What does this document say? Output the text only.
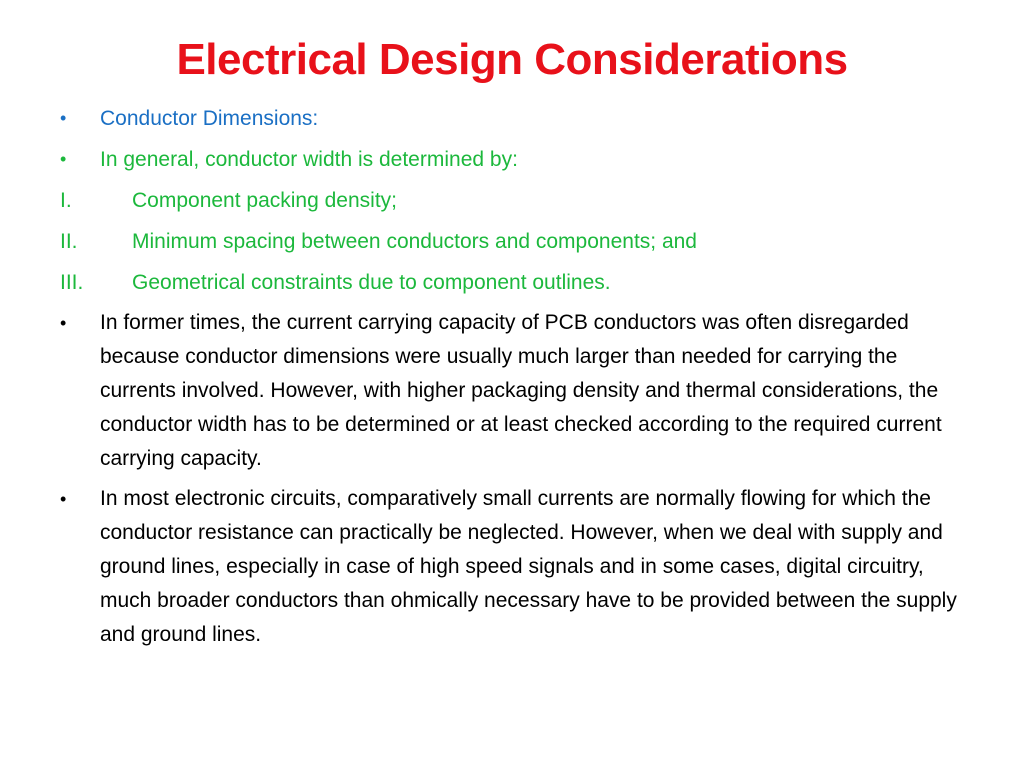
Electrical Design Considerations
• Conductor Dimensions:
• In general, conductor width is determined by:
I.	Component packing density;
II.	Minimum spacing between conductors and components; and
III. Geometrical constraints due to component outlines.
• In former times, the current carrying capacity of PCB conductors was often disregarded because conductor dimensions were usually much larger than needed for carrying the currents involved. However, with higher packaging density and thermal considerations, the conductor width has to be determined or at least checked according to the required current carrying capacity.
• In most electronic circuits, comparatively small currents are normally flowing for which the conductor resistance can practically be neglected. However, when we deal with supply and ground lines, especially in case of high speed signals and in some cases, digital circuitry, much broader conductors than ohmically necessary have to be provided between the supply and ground lines.
